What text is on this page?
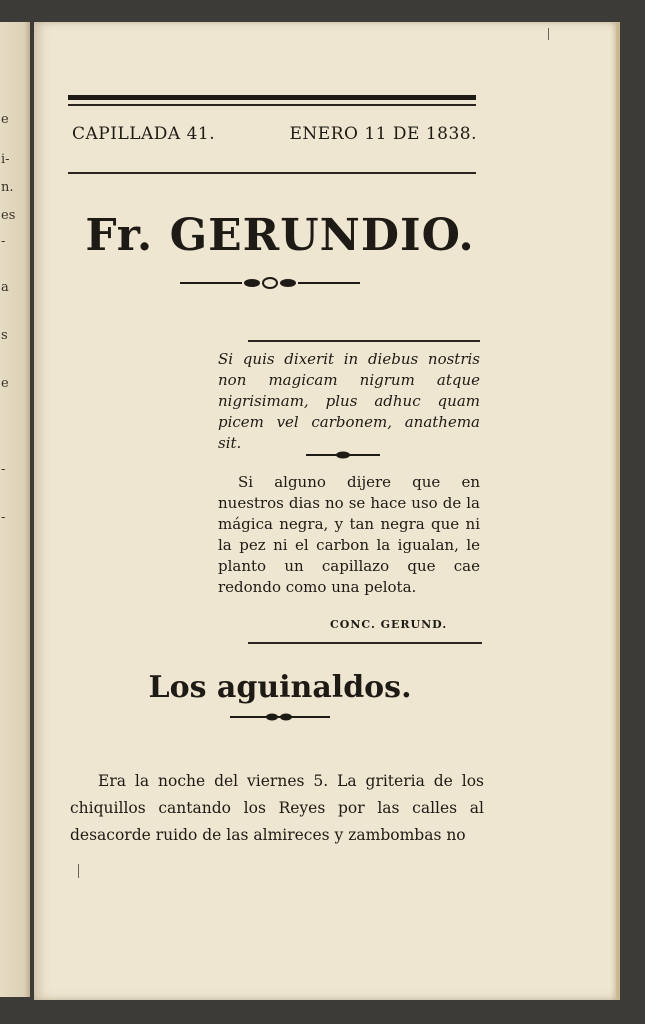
e
i-
n.
es
-
a
s
e
-
-
CAPILLADA 41.	ENERO 11 DE 1838.
Fr. GERUNDIO.
Si quis dixerit in diebus nostris non magicam nigrum atque nigrisimam, plus adhuc quam picem vel carbonem, anathema sit.
Si alguno dijere que en nuestros dias no se hace uso de la mágica negra, y tan negra que ni la pez ni el carbon la igualan, le planto un capillazo que cae redondo como una pelota.
CONC. GERUND.
Los aguinaldos.
Era la noche del viernes 5. La griteria de los chiquillos cantando los Reyes por las calles al desacorde ruido de las almireces y zambombas no
